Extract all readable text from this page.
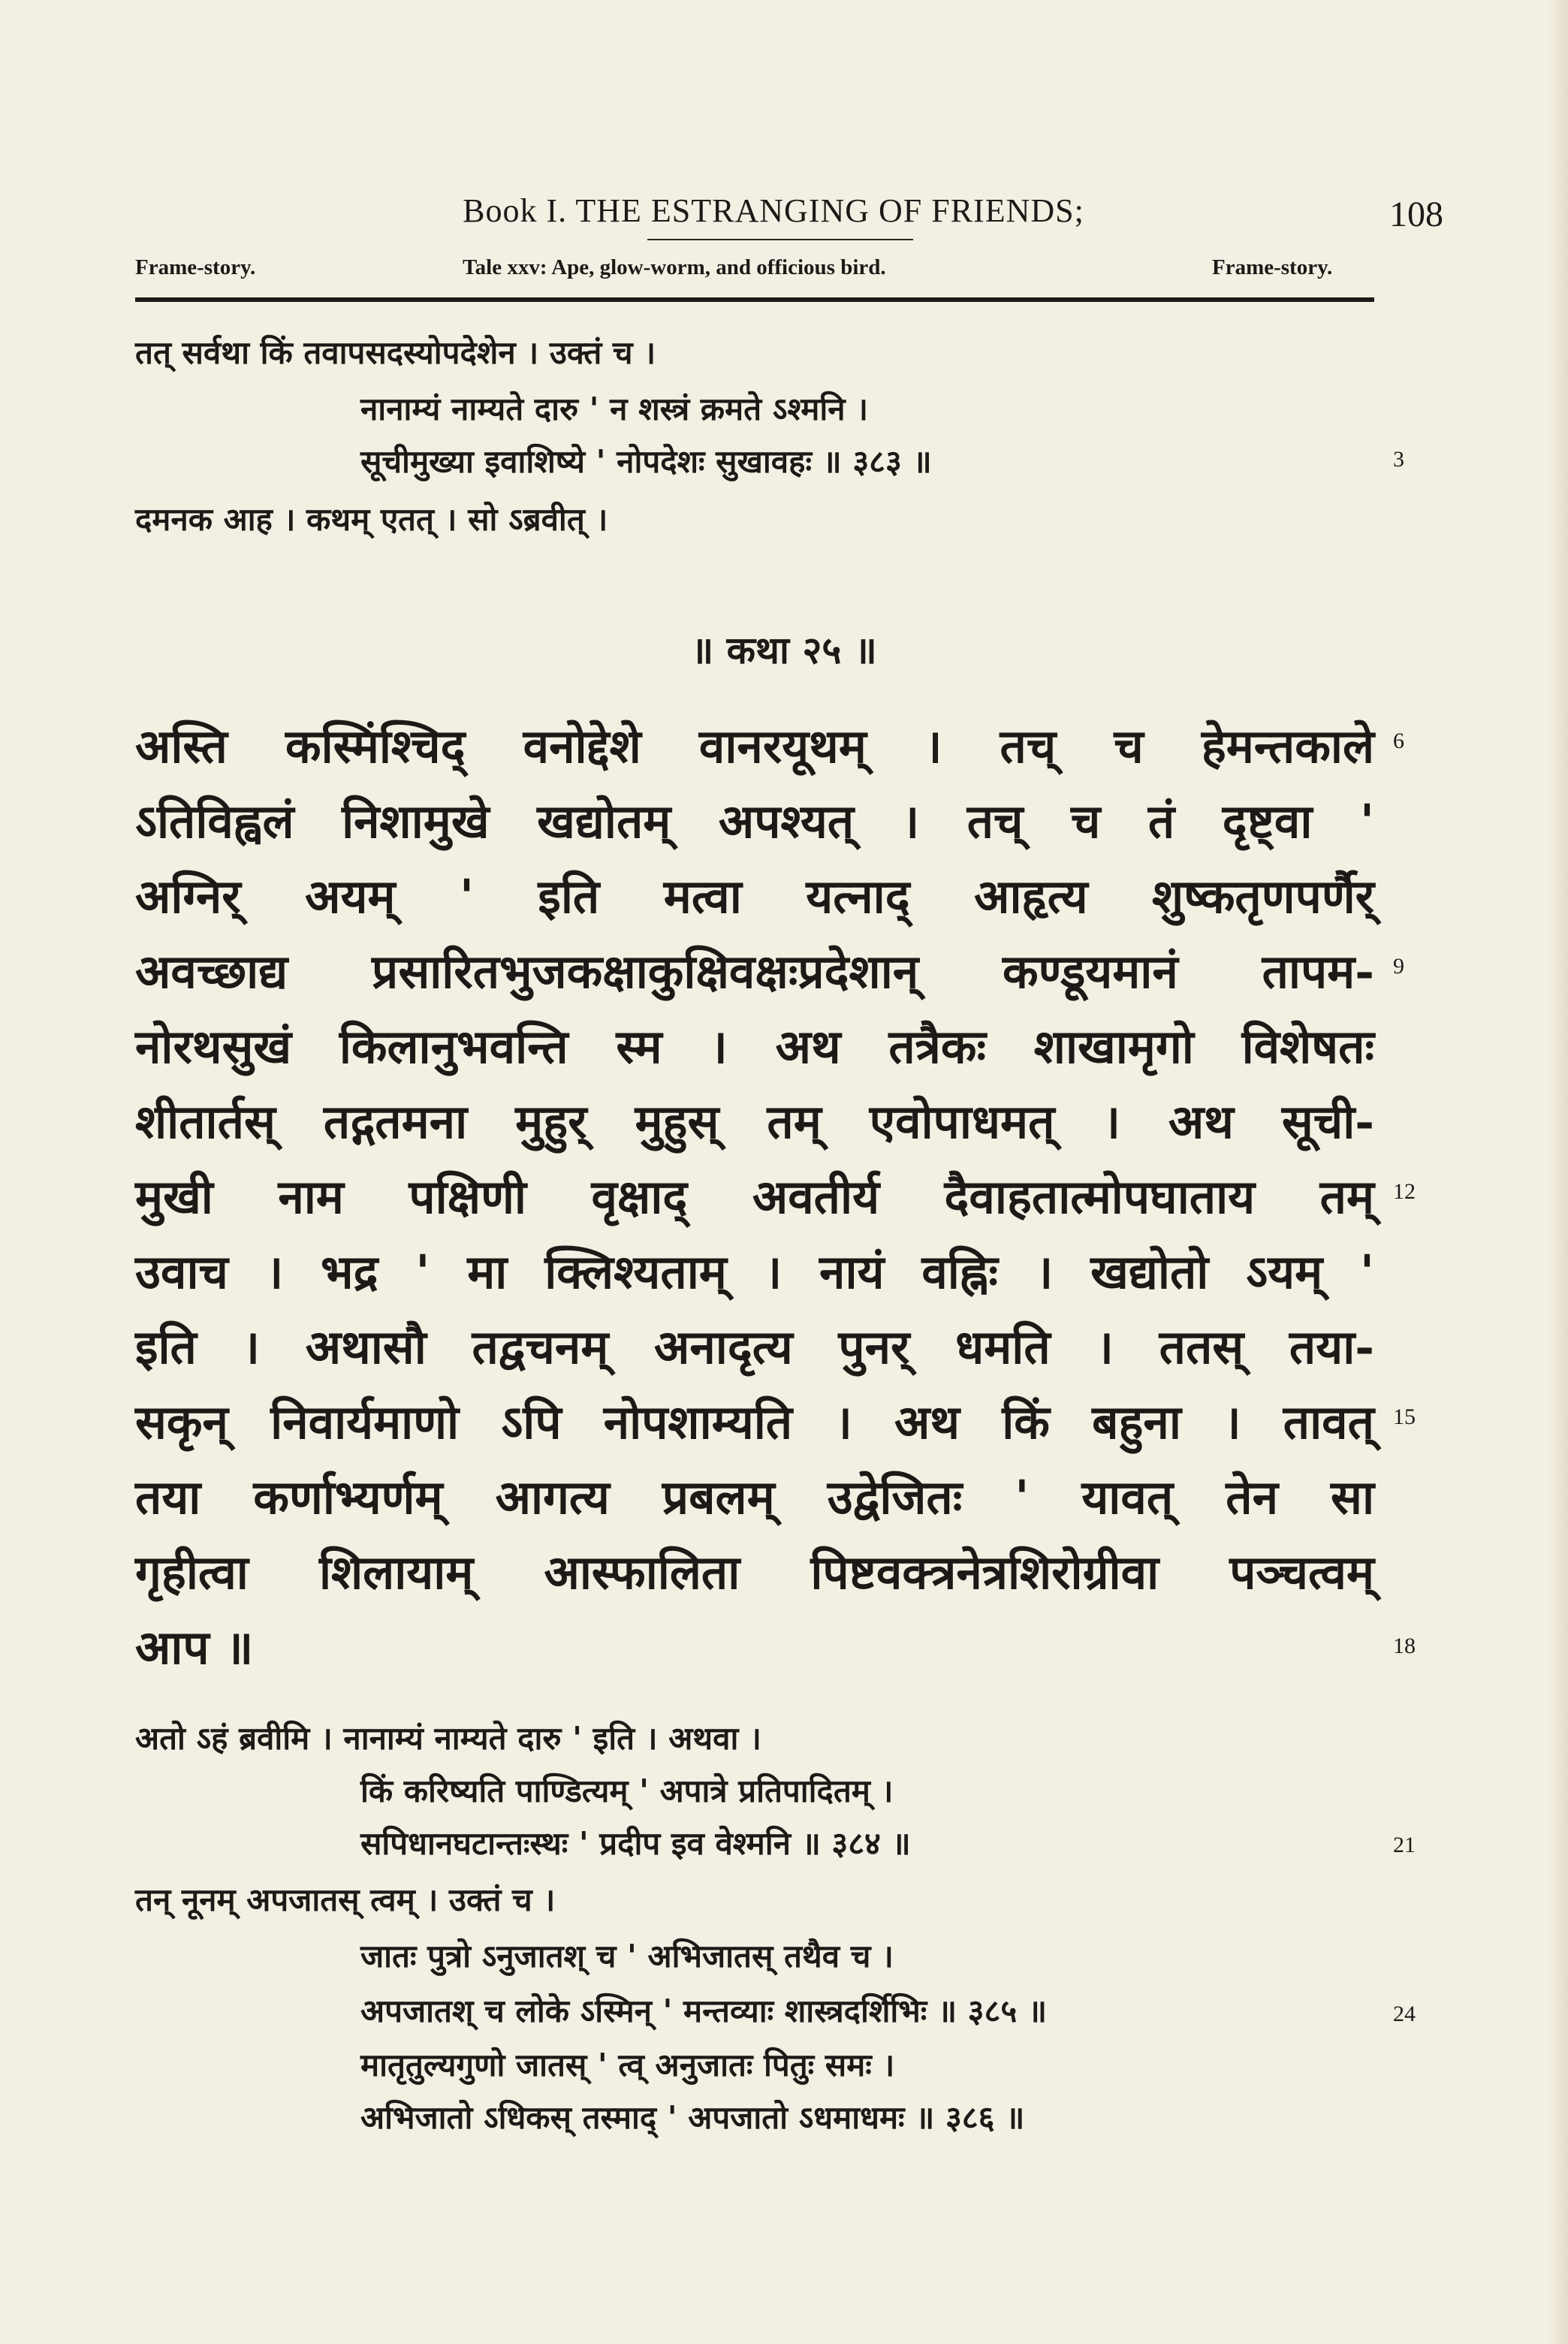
Book I. THE ESTRANGING OF FRIENDS;	108
Frame-story.	Tale xxv: Ape, glow-worm, and officious bird.	Frame-story.
तत् सर्वथा किं तवापसदस्योपदेशेन । उक्तं च ।
नानाम्यं नाम्यते दारु ' न शस्त्रं क्रमते ऽश्मनि ।
सूचीमुख्या इवाशिष्ये ' नोपदेशः सुखावहः ॥ ३८३ ॥	3
दमनक आह । कथम् एतत् । सो ऽब्रवीत् ।
॥ कथा २५ ॥
अस्ति कस्मिंश्चिद् वनोद्देशे वानरयूथम् । तच् च हेमन्तकाले 6
ऽतिविह्वलं निशामुखे खद्योतम् अपश्यत् । तच् च तं दृष्ट्वा '
अग्निर् अयम् ' इति मत्वा यत्नाद् आहृत्य शुष्कतृणपर्णैर्
अवच्छाद्य प्रसारितभुजकक्षाकुक्षिवक्षःप्रदेशान् कण्डूयमानं तापम- 9
नोरथसुखं किलानुभवन्ति स्म । अथ तत्रैकः शाखामृगो विशेषतः
शीतार्तस् तद्गतमना मुहुर् मुहुस् तम् एवोपाधमत् । अथ सूची-
मुखी नाम पक्षिणी वृक्षाद् अवतीर्य दैवाहतात्मोपघाताय तम् 12
उवाच । भद्र ' मा क्लिश्यताम् । नायं वह्निः । खद्योतो ऽयम् '
इति । अथासौ तद्वचनम् अनादृत्य पुनर् धमति । ततस् तया-
सकृन् निवार्यमाणो ऽपि नोपशाम्यति । अथ किं बहुना । तावत् 15
तया कर्णाभ्यर्णम् आगत्य प्रबलम् उद्वेजितः ' यावत् तेन सा
गृहीत्वा शिलायाम् आस्फालिता पिष्टवक्त्रनेत्रशिरोग्रीवा पञ्चत्वम्
आप ॥	18
अतो ऽहं ब्रवीमि । नानाम्यं नाम्यते दारु ' इति । अथवा ।
किं करिष्यति पाण्डित्यम् ' अपात्रे प्रतिपादितम् ।
सपिधानघटान्तःस्थः ' प्रदीप इव वेश्मनि ॥ ३८४ ॥	21
तन् नूनम् अपजातस् त्वम् । उक्तं च ।
जातः पुत्रो ऽनुजातश् च ' अभिजातस् तथैव च ।
अपजातश् च लोके ऽस्मिन् ' मन्तव्याः शास्त्रदर्शिभिः ॥ ३८५ ॥	24
मातृतुल्यगुणो जातस् ' त्व् अनुजातः पितुः समः ।
अभिजातो ऽधिकस् तस्माद् ' अपजातो ऽधमाधमः ॥ ३८६ ॥
